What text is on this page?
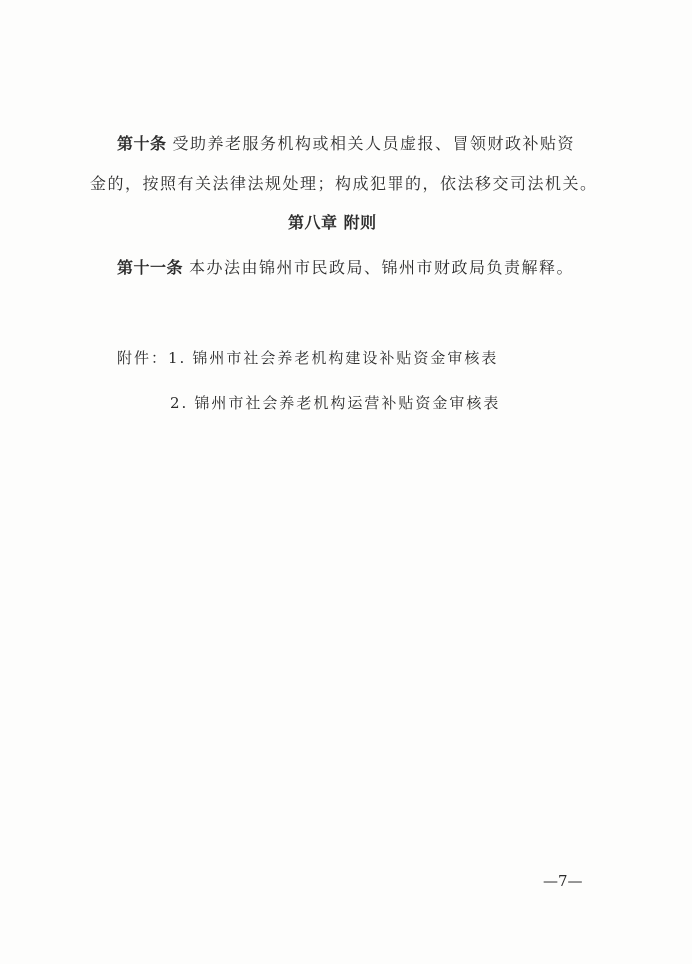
第十条 受助养老服务机构或相关人员虚报、冒领财政补贴资
金的，按照有关法律法规处理；构成犯罪的，依法移交司法机关。
第八章 附则
第十一条 本办法由锦州市民政局、锦州市财政局负责解释。
附件：1. 锦州市社会养老机构建设补贴资金审核表
2. 锦州市社会养老机构运营补贴资金审核表
—7—
